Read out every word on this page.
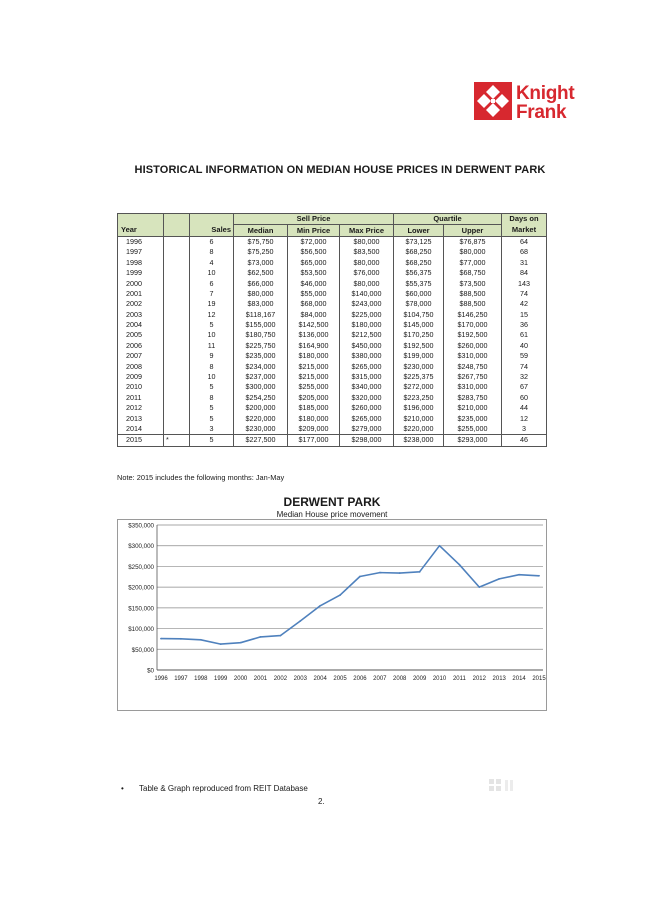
Knight
Frank
HISTORICAL INFORMATION ON MEDIAN HOUSE PRICES IN DERWENT PARK
			Sell Price			Quartile		Days on
Year		Sales	Median	Min Price	Max Price	Lower	Upper	Market
1996		6	$75,750	$72,000	$80,000	$73,125	$76,875	64
1997		8	$75,250	$56,500	$83,500	$68,250	$80,000	68
1998		4	$73,000	$65,000	$80,000	$68,250	$77,000	31
1999		10	$62,500	$53,500	$76,000	$56,375	$68,750	84
2000		6	$66,000	$46,000	$80,000	$55,375	$73,500	143
2001		7	$80,000	$55,000	$140,000	$60,000	$88,500	74
2002		19	$83,000	$68,000	$243,000	$78,000	$88,500	42
2003		12	$118,167	$84,000	$225,000	$104,750	$146,250	15
2004		5	$155,000	$142,500	$180,000	$145,000	$170,000	36
2005		10	$180,750	$136,000	$212,500	$170,250	$192,500	61
2006		11	$225,750	$164,900	$450,000	$192,500	$260,000	40
2007		9	$235,000	$180,000	$380,000	$199,000	$310,000	59
2008		8	$234,000	$215,000	$265,000	$230,000	$248,750	74
2009		10	$237,000	$215,000	$315,000	$225,375	$267,750	32
2010		5	$300,000	$255,000	$340,000	$272,000	$310,000	67
2011		8	$254,250	$205,000	$320,000	$223,250	$283,750	60
2012		5	$200,000	$185,000	$260,000	$196,000	$210,000	44
2013		5	$220,000	$180,000	$265,000	$210,000	$235,000	12
2014		3	$230,000	$209,000	$279,000	$220,000	$255,000	3
2015	*	5	$227,500	$177,000	$298,000	$238,000	$293,000	46
Note: 2015 includes the following months: Jan-May
DERWENT PARK
Median House price movement
$0
$50,000
$100,000
$150,000
$200,000
$250,000
$300,000
$350,000
1996 1997 1998 1999 2000 2001 2002 2003 2004 2005 2006 2007 2008 2009 2010 2011 2012 2013 2014 2015
• Table & Graph reproduced from REIT Database
2.
